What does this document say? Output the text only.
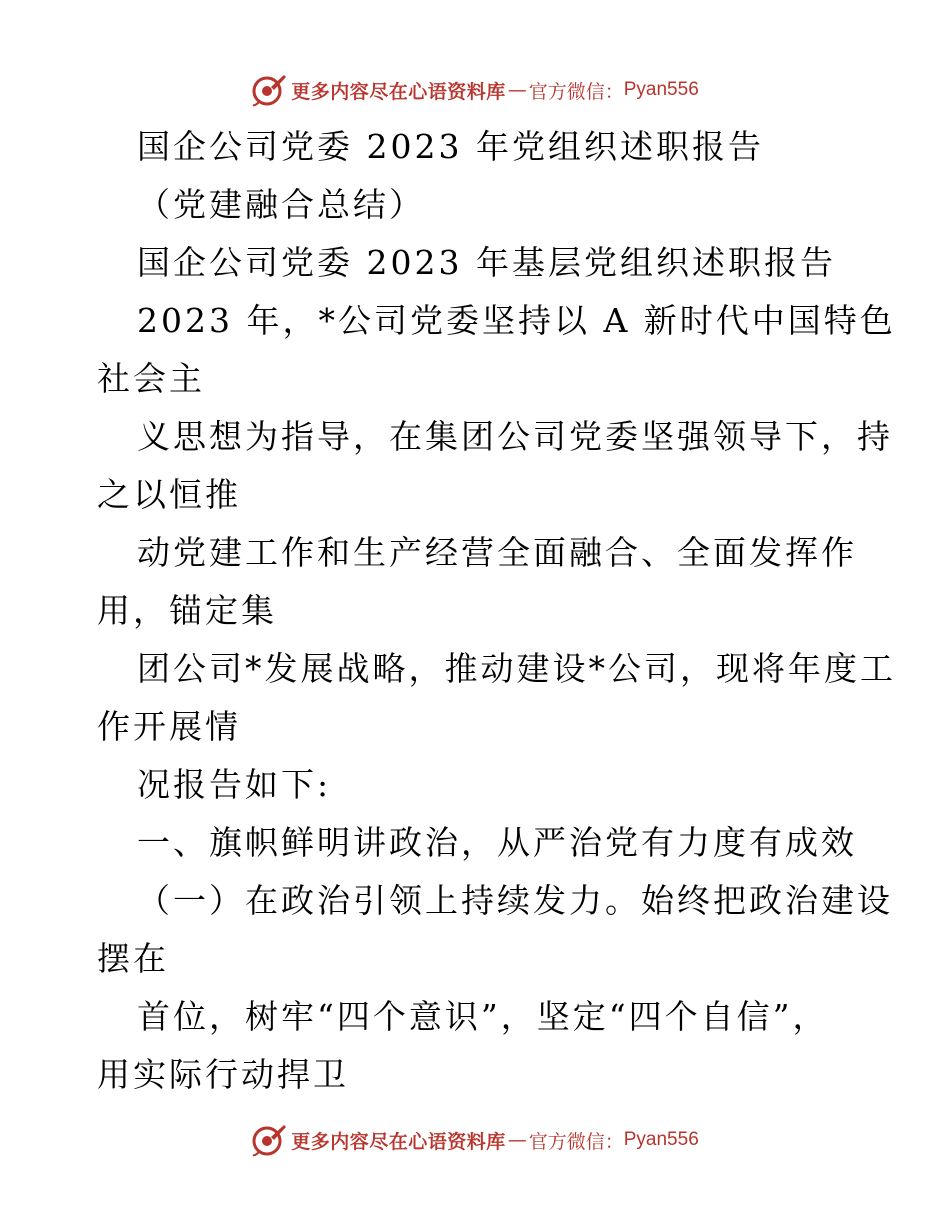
更多内容尽在心语资料库 — 官方微信： Pyan556
国企公司党委 2023 年党组织述职报告
（党建融合总结）
国企公司党委 2023 年基层党组织述职报告
2023 年，*公司党委坚持以 A 新时代中国特色
社会主
义思想为指导，在集团公司党委坚强领导下，持
之以恒推
动党建工作和生产经营全面融合、全面发挥作
用，锚定集
团公司*发展战略，推动建设*公司，现将年度工
作开展情
况报告如下:
一、旗帜鲜明讲政治，从严治党有力度有成效
（一）在政治引领上持续发力。始终把政治建设
摆在
首位，树牢“四个意识”，坚定“四个自信”，
用实际行动捍卫
更多内容尽在心语资料库 — 官方微信： Pyan556
